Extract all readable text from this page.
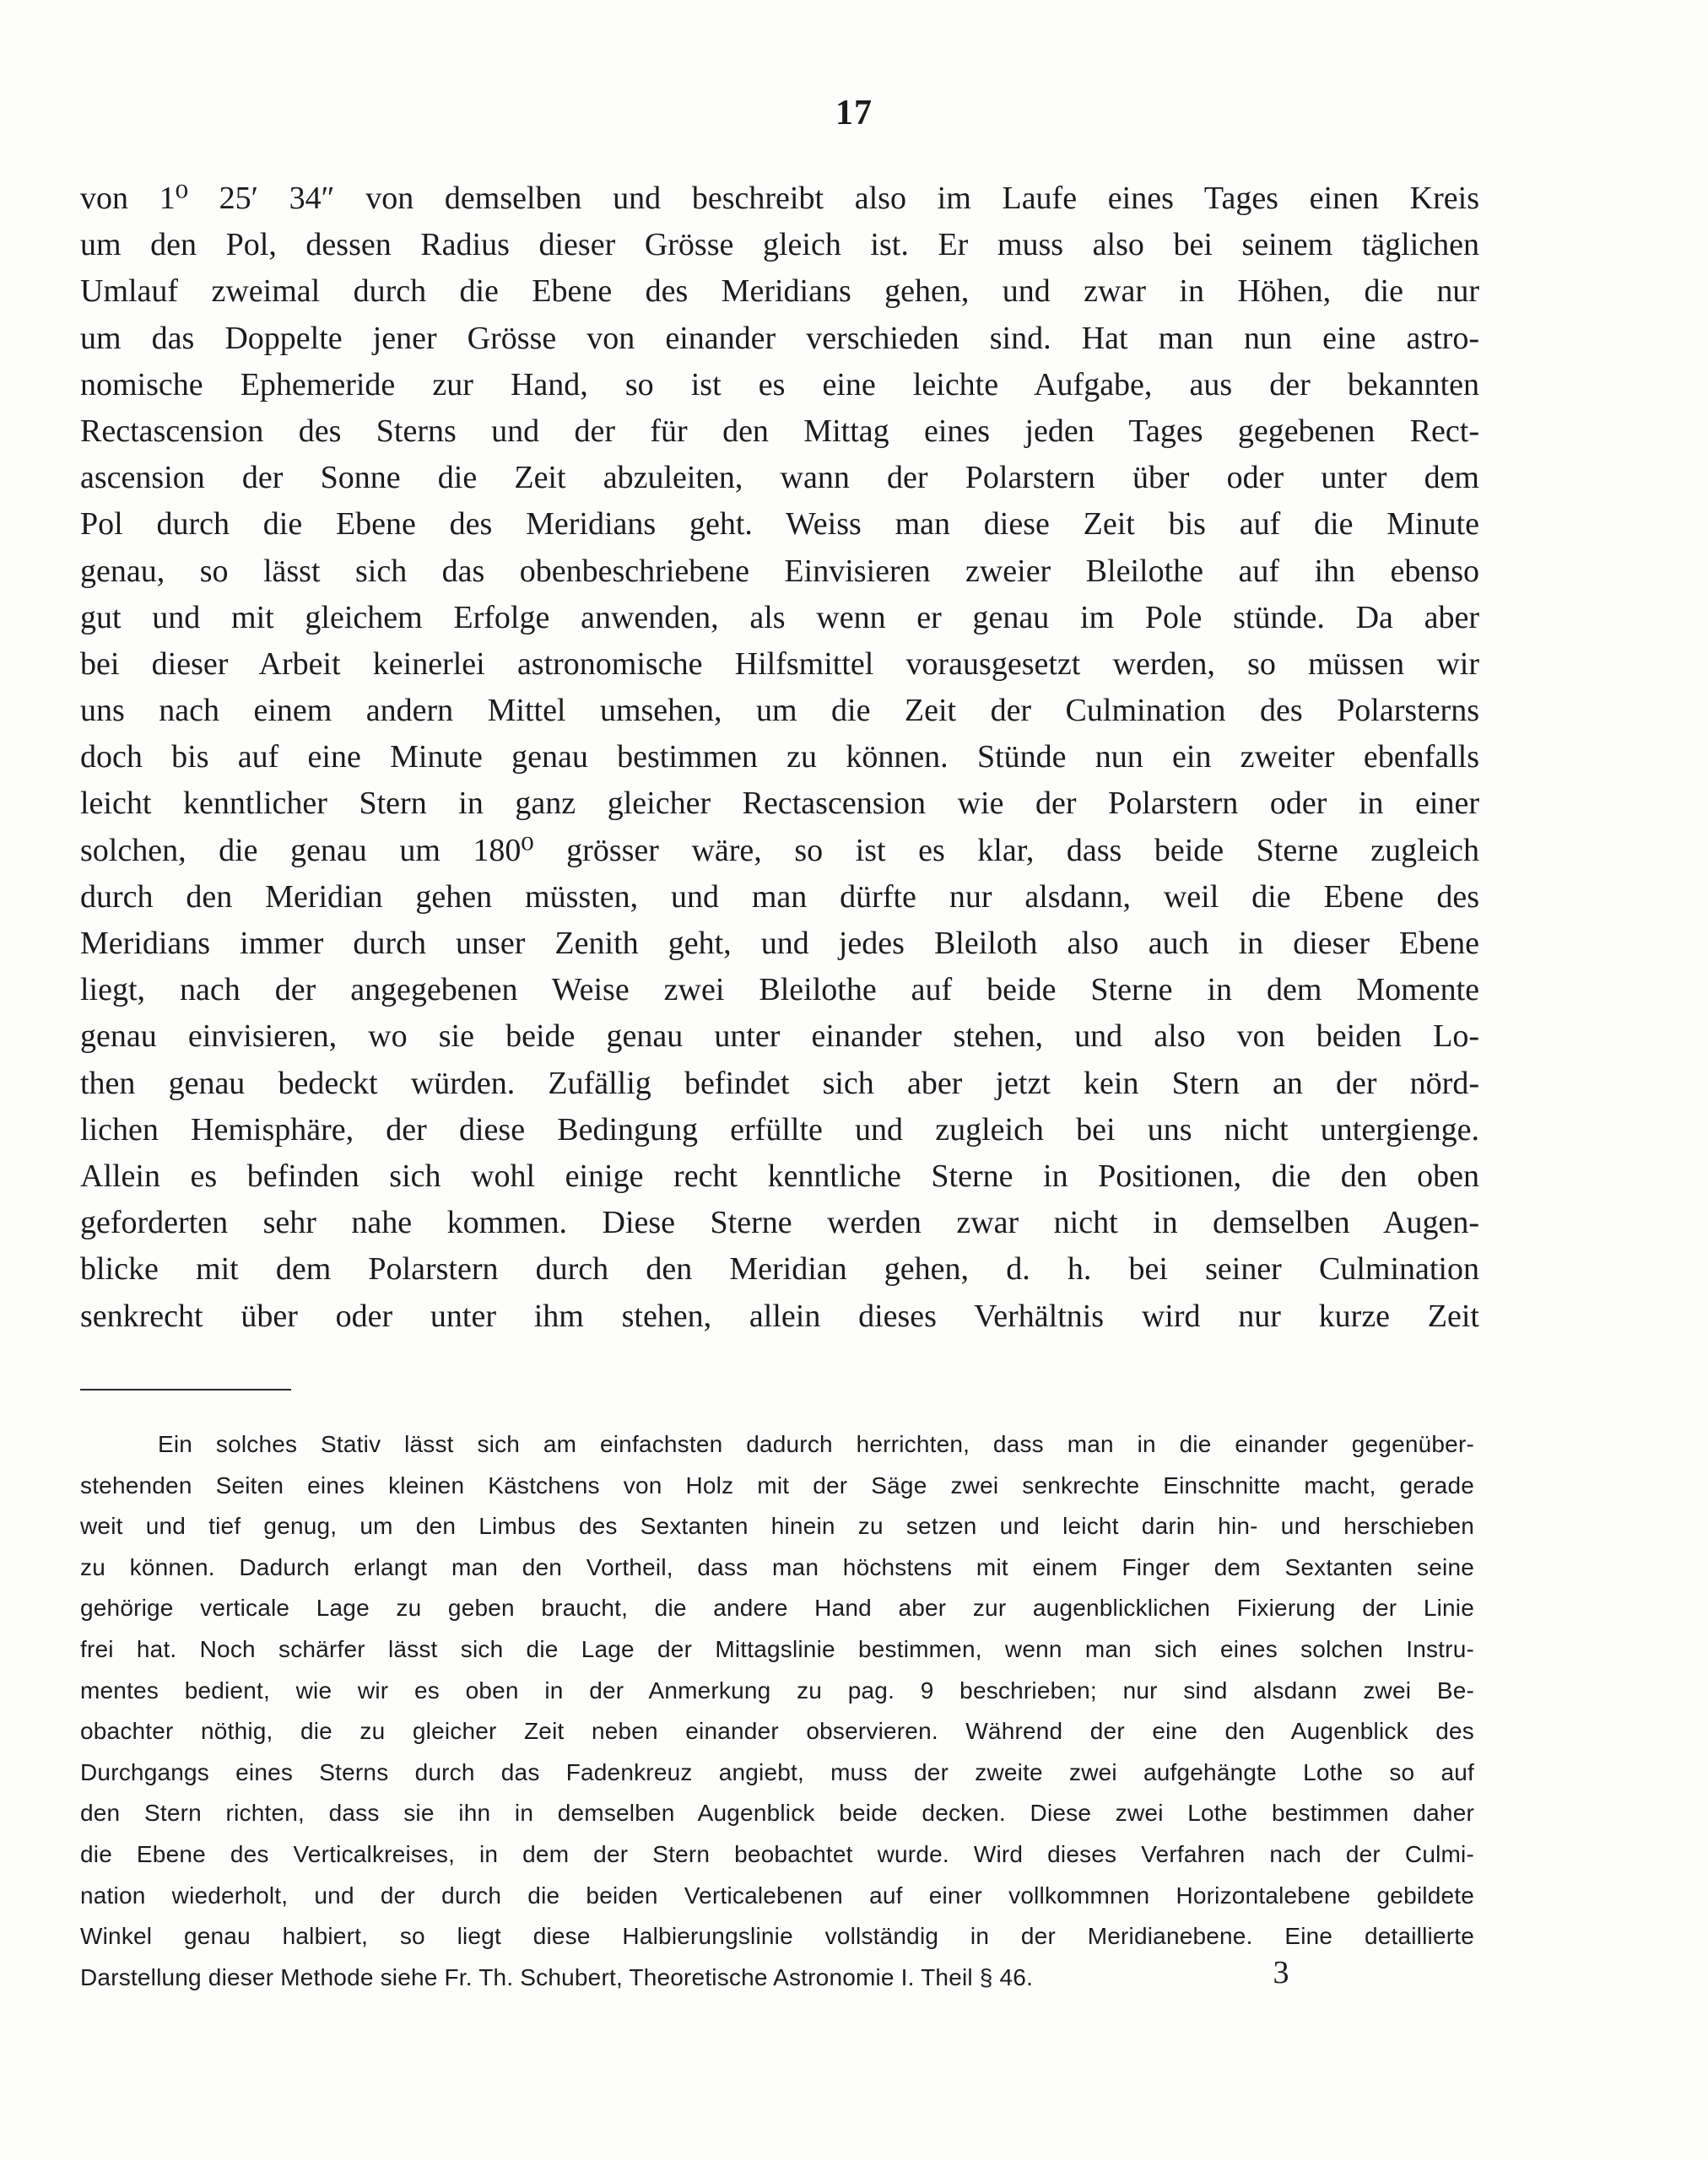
17
von 1⁰ 25′ 34″ von demselben und beschreibt also im Laufe eines Tages einen Kreis
um den Pol, dessen Radius dieser Grösse gleich ist. Er muss also bei seinem täglichen
Umlauf zweimal durch die Ebene des Meridians gehen, und zwar in Höhen, die nur
um das Doppelte jener Grösse von einander verschieden sind. Hat man nun eine astro-
nomische Ephemeride zur Hand, so ist es eine leichte Aufgabe, aus der bekannten
Rectascension des Sterns und der für den Mittag eines jeden Tages gegebenen Rect-
ascension der Sonne die Zeit abzuleiten, wann der Polarstern über oder unter dem
Pol durch die Ebene des Meridians geht. Weiss man diese Zeit bis auf die Minute
genau, so lässt sich das obenbeschriebene Einvisieren zweier Bleilothe auf ihn ebenso
gut und mit gleichem Erfolge anwenden, als wenn er genau im Pole stünde. Da aber
bei dieser Arbeit keinerlei astronomische Hilfsmittel vorausgesetzt werden, so müssen wir
uns nach einem andern Mittel umsehen, um die Zeit der Culmination des Polarsterns
doch bis auf eine Minute genau bestimmen zu können. Stünde nun ein zweiter ebenfalls
leicht kenntlicher Stern in ganz gleicher Rectascension wie der Polarstern oder in einer
solchen, die genau um 180⁰ grösser wäre, so ist es klar, dass beide Sterne zugleich
durch den Meridian gehen müssten, und man dürfte nur alsdann, weil die Ebene des
Meridians immer durch unser Zenith geht, und jedes Bleiloth also auch in dieser Ebene
liegt, nach der angegebenen Weise zwei Bleilothe auf beide Sterne in dem Momente
genau einvisieren, wo sie beide genau unter einander stehen, und also von beiden Lo-
then genau bedeckt würden. Zufällig befindet sich aber jetzt kein Stern an der nörd-
lichen Hemisphäre, der diese Bedingung erfüllte und zugleich bei uns nicht untergienge.
Allein es befinden sich wohl einige recht kenntliche Sterne in Positionen, die den oben
geforderten sehr nahe kommen. Diese Sterne werden zwar nicht in demselben Augen-
blicke mit dem Polarstern durch den Meridian gehen, d. h. bei seiner Culmination
senkrecht über oder unter ihm stehen, allein dieses Verhältnis wird nur kurze Zeit
Ein solches Stativ lässt sich am einfachsten dadurch herrichten, dass man in die einander gegenüber-
stehenden Seiten eines kleinen Kästchens von Holz mit der Säge zwei senkrechte Einschnitte macht, gerade
weit und tief genug, um den Limbus des Sextanten hinein zu setzen und leicht darin hin- und herschieben
zu können. Dadurch erlangt man den Vortheil, dass man höchstens mit einem Finger dem Sextanten seine
gehörige verticale Lage zu geben braucht, die andere Hand aber zur augenblicklichen Fixierung der Linie
frei hat. Noch schärfer lässt sich die Lage der Mittagslinie bestimmen, wenn man sich eines solchen Instru-
mentes bedient, wie wir es oben in der Anmerkung zu pag. 9 beschrieben; nur sind alsdann zwei Be-
obachter nöthig, die zu gleicher Zeit neben einander observieren. Während der eine den Augenblick des
Durchgangs eines Sterns durch das Fadenkreuz angiebt, muss der zweite zwei aufgehängte Lothe so auf
den Stern richten, dass sie ihn in demselben Augenblick beide decken. Diese zwei Lothe bestimmen daher
die Ebene des Verticalkreises, in dem der Stern beobachtet wurde. Wird dieses Verfahren nach der Culmi-
nation wiederholt, und der durch die beiden Verticalebenen auf einer vollkommnen Horizontalebene gebildete
Winkel genau halbiert, so liegt diese Halbierungslinie vollständig in der Meridianebene. Eine detaillierte
Darstellung dieser Methode siehe Fr. Th. Schubert, Theoretische Astronomie I. Theil § 46.	3
